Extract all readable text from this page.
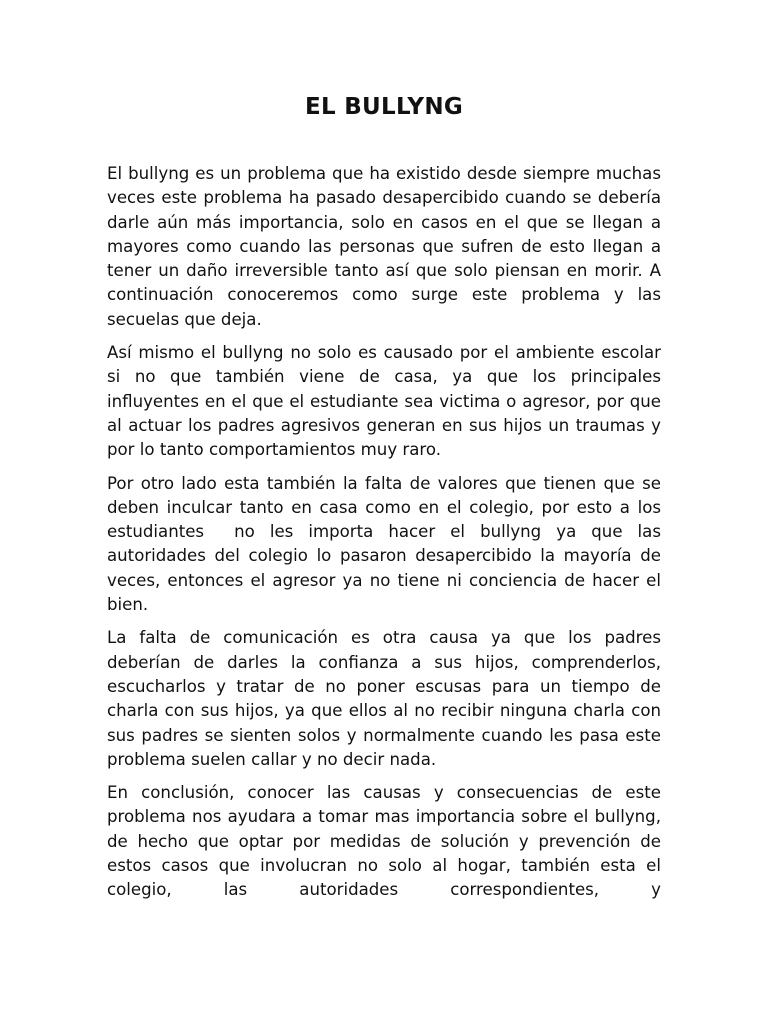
EL BULLYNG

El bullyng es un problema que ha existido desde siempre muchas veces este problema ha pasado desapercibido cuando se debería darle aún más importancia, solo en casos en el que se llegan a mayores como cuando las personas que sufren de esto llegan a tener un daño irreversible tanto así que solo piensan en morir. A continuación conoceremos como surge este problema y las secuelas que deja.

Así mismo el bullyng no solo es causado por el ambiente escolar si no que también viene de casa, ya que los principales influyentes en el que el estudiante sea victima o agresor, por que al actuar los padres agresivos generan en sus hijos un traumas y por lo tanto comportamientos muy raro.

Por otro lado esta también la falta de valores que tienen que se deben inculcar tanto en casa como en el colegio, por esto a los estudiantes  no les importa hacer el bullyng ya que las autoridades del colegio lo pasaron desapercibido la mayoría de veces, entonces el agresor ya no tiene ni conciencia de hacer el bien.

La falta de comunicación es otra causa ya que los padres deberían de darles la confianza a sus hijos, comprenderlos, escucharlos y tratar de no poner escusas para un tiempo de charla con sus hijos, ya que ellos al no recibir ninguna charla con sus padres se sienten solos y normalmente cuando les pasa este problema suelen callar y no decir nada.

En conclusión, conocer las causas y consecuencias de este problema nos ayudara a tomar mas importancia sobre el bullyng, de hecho que optar por medidas de solución y prevención de estos casos que involucran no solo al hogar, también esta el colegio, las autoridades correspondientes, y
